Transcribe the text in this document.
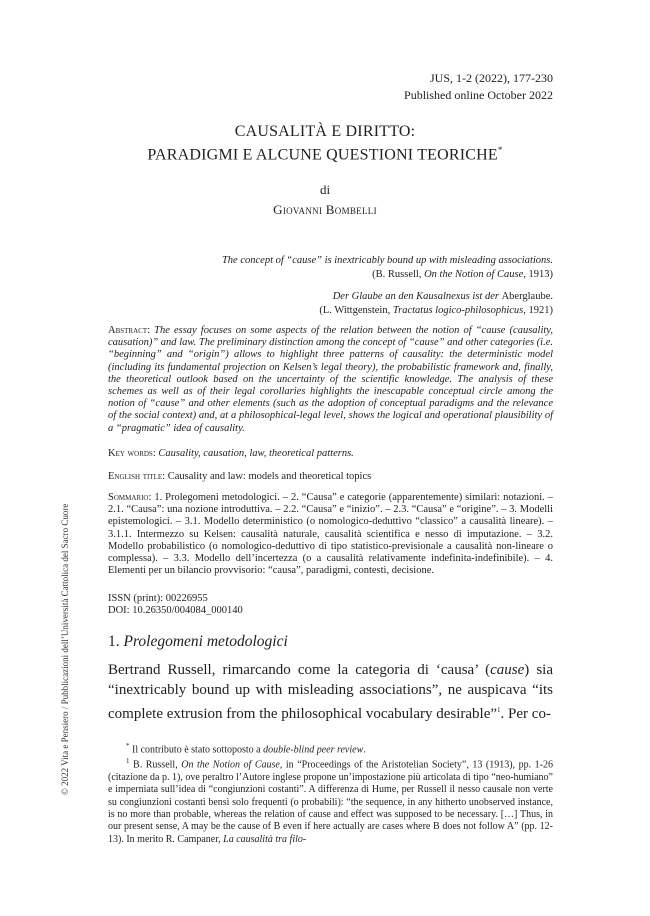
JUS, 1-2 (2022), 177-230
Published online October 2022
CAUSALITÀ E DIRITTO:
PARADIGMI E ALCUNE QUESTIONI TEORICHE*
di
Giovanni Bombelli
The concept of “cause” is inextricably bound up with misleading associations.
(B. Russell, On the Notion of Cause, 1913)
Der Glaube an den Kausalnexus ist der Aberglaube.
(L. Wittgenstein, Tractatus logico-philosophicus, 1921)
Abstract: The essay focuses on some aspects of the relation between the notion of “cause (causality, causation)” and law. The preliminary distinction among the concept of “cause” and other categories (i.e. “beginning” and “origin”) allows to highlight three patterns of causality: the deterministic model (including its fundamental projection on Kelsen’s legal theory), the probabilistic framework and, finally, the theoretical outlook based on the uncertainty of the scientific knowledge. The analysis of these schemes as well as of their legal corollaries highlights the inescapable conceptual circle among the notion of “cause” and other elements (such as the adoption of conceptual paradigms and the relevance of the social context) and, at a philosophical-legal level, shows the logical and operational plausibility of a “pragmatic” idea of causality.
Key words: Causality, causation, law, theoretical patterns.
English title: Causality and law: models and theoretical topics
Sommario: 1. Prolegomeni metodologici. – 2. “Causa” e categorie (apparentemente) similari: notazioni. – 2.1. “Causa”: una nozione introduttiva. – 2.2. “Causa” e “inizio”. – 2.3. “Causa” e “origine”. – 3. Modelli epistemologici. – 3.1. Modello deterministico (o nomologico-deduttivo “classico” a causalità lineare). – 3.1.1. Intermezzo su Kelsen: causalità naturale, causalità scientifica e nesso di imputazione. – 3.2. Modello probabilistico (o nomologico-deduttivo di tipo statistico-previsionale a causalità non-lineare o complessa). – 3.3. Modello dell’incertezza (o a causalità relativamente indefinita-indefinibile). – 4. Elementi per un bilancio provvisorio: “causa”, paradigmi, contesti, decisione.
ISSN (print): 00226955
DOI: 10.26350/004084_000140
1. Prolegomeni metodologici
Bertrand Russell, rimarcando come la categoria di ‘causa’ (cause) sia “inextricably bound up with misleading associations”, ne auspicava “its complete extrusion from the philosophical vocabulary desirable”$^1$. Per co-
* Il contributo è stato sottoposto a double-blind peer review.
$^1$ B. Russell, On the Notion of Cause, in “Proceedings of the Aristotelian Society”, 13 (1913), pp. 1-26 (citazione da p. 1), ove peraltro l’Autore inglese propone un’impostazione più articolata di tipo “neo-humiano” e imperniata sull’idea di “congiunzioni costanti”. A differenza di Hume, per Russell il nesso causale non verte su congiunzioni costanti bensì solo frequenti (o probabili): “the sequence, in any hitherto unobserved instance, is no more than probable, whereas the relation of cause and effect was supposed to be necessary. […] Thus, in our present sense, A may be the cause of B even if here actually are cases where B does not follow A” (pp. 12-13). In merito R. Campaner, La causalità tra filo-
© 2022 Vita e Pensiero / Pubblicazioni dell’Università Cattolica del Sacro Cuore
